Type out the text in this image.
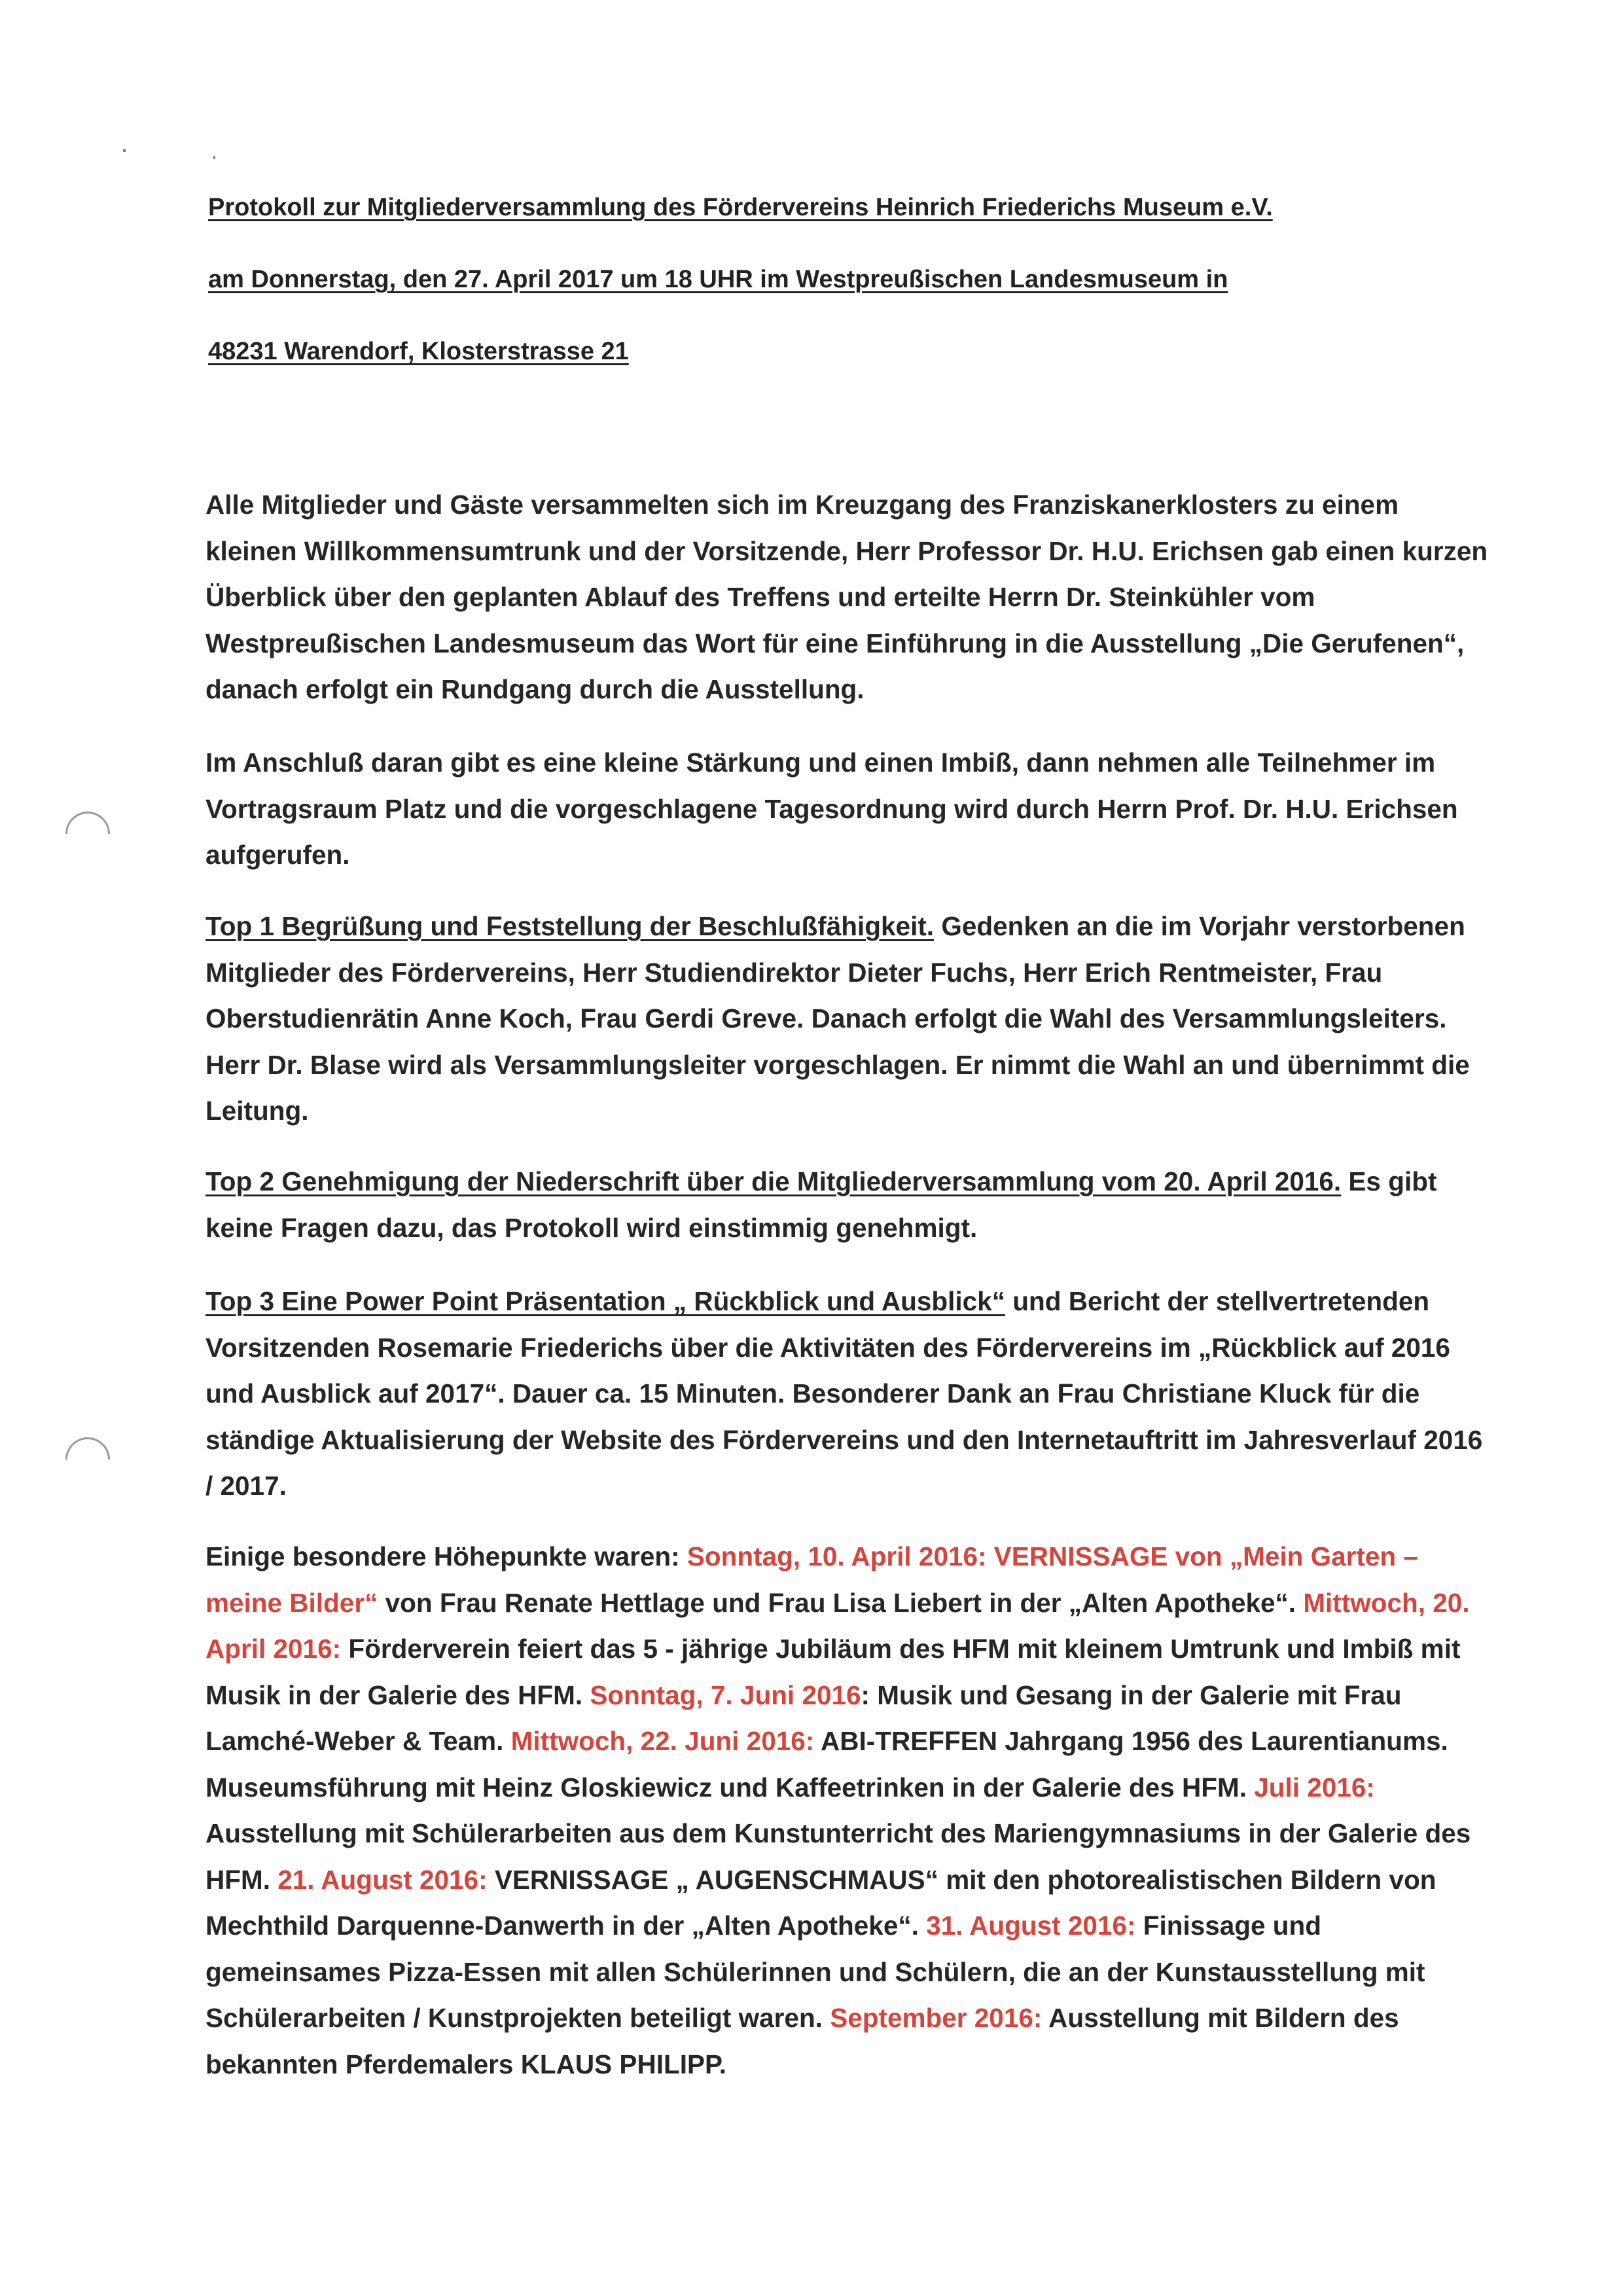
Protokoll zur Mitgliederversammlung des Fördervereins Heinrich Friederichs Museum e.V.
am Donnerstag, den 27. April 2017 um 18 UHR im Westpreußischen Landesmuseum in
48231 Warendorf, Klosterstrasse 21
Alle Mitglieder und Gäste versammelten sich im Kreuzgang des Franziskanerklosters zu einem kleinen Willkommensumtrunk und der Vorsitzende, Herr Professor Dr. H.U. Erichsen gab einen kurzen Überblick über den geplanten Ablauf des Treffens und erteilte Herrn Dr. Steinkühler vom Westpreußischen Landesmuseum das Wort für eine Einführung in die Ausstellung „Die Gerufenen“, danach erfolgt ein Rundgang durch die Ausstellung.
Im Anschluß daran gibt es eine kleine Stärkung und einen Imbiß, dann nehmen alle Teilnehmer im Vortragsraum Platz und die vorgeschlagene Tagesordnung wird durch Herrn Prof. Dr. H.U. Erichsen aufgerufen.
Top 1 Begrüßung und Feststellung der Beschlußfähigkeit. Gedenken an die im Vorjahr verstorbenen Mitglieder des Fördervereins, Herr Studiendirektor Dieter Fuchs, Herr Erich Rentmeister, Frau Oberstudienrätin Anne Koch, Frau Gerdi Greve. Danach erfolgt die Wahl des Versammlungsleiters. Herr Dr. Blase wird als Versammlungsleiter vorgeschlagen. Er nimmt die Wahl an und übernimmt die Leitung.
Top 2 Genehmigung der Niederschrift über die Mitgliederversammlung vom 20. April 2016. Es gibt keine Fragen dazu, das Protokoll wird einstimmig genehmigt.
Top 3 Eine Power Point Präsentation „ Rückblick und Ausblick“ und Bericht der stellvertretenden Vorsitzenden Rosemarie Friederichs über die Aktivitäten des Fördervereins im „Rückblick auf 2016 und Ausblick auf 2017“. Dauer ca. 15 Minuten. Besonderer Dank an Frau Christiane Kluck für die ständige Aktualisierung der Website des Fördervereins und den Internetauftritt im Jahresverlauf 2016 / 2017.
Einige besondere Höhepunkte waren: Sonntag, 10. April 2016: VERNISSAGE von „Mein Garten – meine Bilder“ von Frau Renate Hettlage und Frau Lisa Liebert in der „Alten Apotheke“. Mittwoch, 20. April 2016: Förderverein feiert das 5 - jährige Jubiläum des HFM mit kleinem Umtrunk und Imbiß mit Musik in der Galerie des HFM. Sonntag, 7. Juni 2016: Musik und Gesang in der Galerie mit Frau Lamché-Weber & Team. Mittwoch, 22. Juni 2016: ABI-TREFFEN Jahrgang 1956 des Laurentianums. Museumsführung mit Heinz Gloskiewicz und Kaffeetrinken in der Galerie des HFM. Juli 2016: Ausstellung mit Schülerarbeiten aus dem Kunstunterricht des Mariengymnasiums in der Galerie des HFM. 21. August 2016: VERNISSAGE „ AUGENSCHMAUS“ mit den photorealistischen Bildern von Mechthild Darquenne-Danwerth in der „Alten Apotheke“. 31. August 2016: Finissage und gemeinsames Pizza-Essen mit allen Schülerinnen und Schülern, die an der Kunstausstellung mit Schülerarbeiten / Kunstprojekten beteiligt waren. September 2016: Ausstellung mit Bildern des bekannten Pferdemalers KLAUS PHILIPP.
